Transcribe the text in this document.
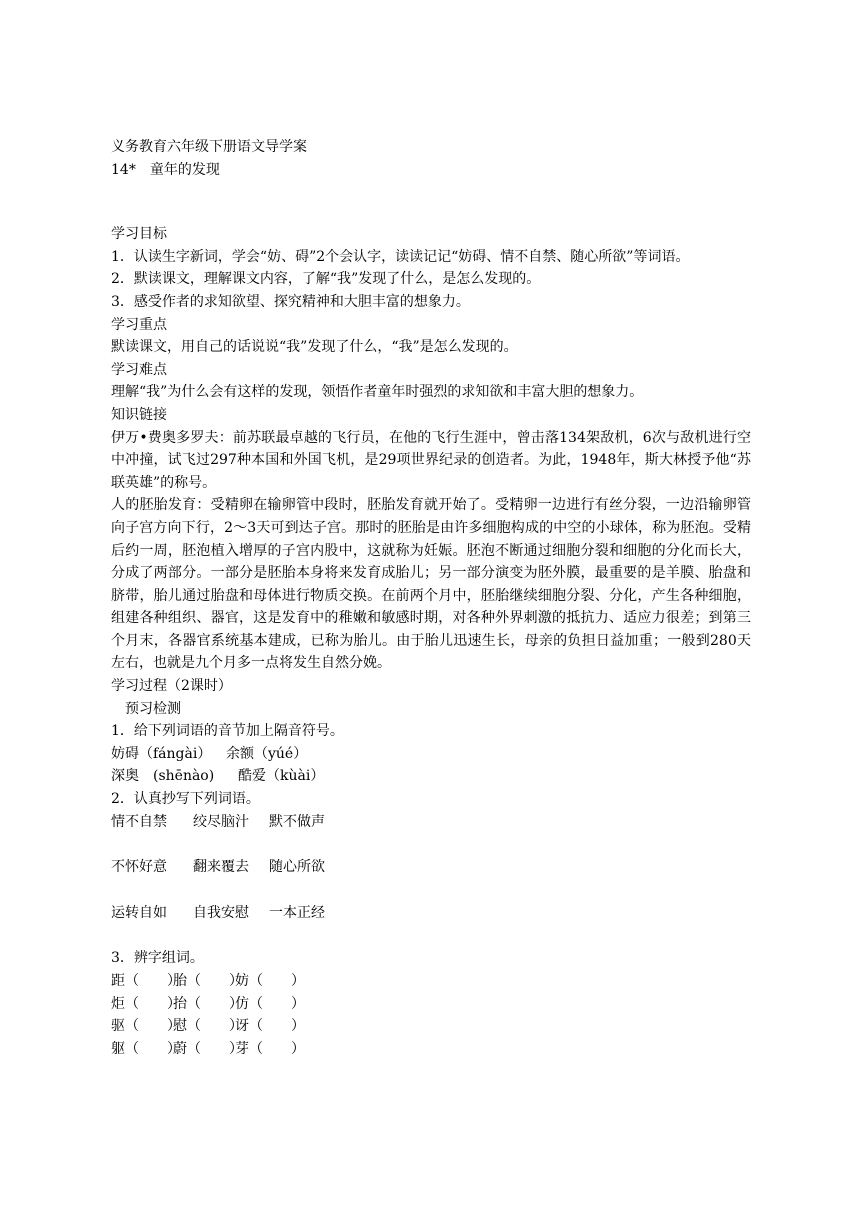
义务教育六年级下册语文导学案
14*　童年的发现
学习目标
1．认读生字新词，学会“妨、碍”2个会认字，读读记记“妨碍、情不自禁、随心所欲”等词语。
2．默读课文，理解课文内容，了解“我”发现了什么，是怎么发现的。
3．感受作者的求知欲望、探究精神和大胆丰富的想象力。
学习重点
默读课文，用自己的话说说“我”发现了什么，“我”是怎么发现的。
学习难点
理解“我”为什么会有这样的发现，领悟作者童年时强烈的求知欲和丰富大胆的想象力。
知识链接
伊万•费奥多罗夫：前苏联最卓越的飞行员，在他的飞行生涯中，曾击落134架敌机，6次与敌机进行空中冲撞，试飞过297种本国和外国飞机，是29项世界纪录的创造者。为此，1948年，斯大林授予他“苏联英雄”的称号。
人的胚胎发育：受精卵在输卵管中段时，胚胎发育就开始了。受精卵一边进行有丝分裂，一边沿输卵管向子宫方向下行，2～3天可到达子宫。那时的胚胎是由许多细胞构成的中空的小球体，称为胚泡。受精后约一周，胚泡植入增厚的子宫内股中，这就称为妊娠。胚泡不断通过细胞分裂和细胞的分化而长大，分成了两部分。一部分是胚胎本身将来发育成胎儿；另一部分演变为胚外膜，最重要的是羊膜、胎盘和脐带，胎儿通过胎盘和母体进行物质交换。在前两个月中，胚胎继续细胞分裂、分化，产生各种细胞，组建各种组织、器官，这是发育中的稚嫩和敏感时期，对各种外界刺激的抵抗力、适应力很差；到第三个月末，各器官系统基本建成，已称为胎儿。由于胎儿迅速生长，母亲的负担日益加重；一般到280天左右，也就是九个月多一点将发生自然分娩。
学习过程（2课时）
预习检测
1．给下列词语的音节加上隔音符号。
妨碍（fángài） 余额（yúé）
深奥　(shēnào) 酷爱（kùài）
2．认真抄写下列词语。
情不自禁 绞尽脑汁 默不做声
不怀好意 翻来覆去 随心所欲
运转自如 自我安慰 一本正经
3．辨字组词。
距（　　）胎（　　）妨（　　）
炬（　　）抬（　　）仿（　　）
驱（　　）慰（　　）讶（　　）
躯（　　）蔚（　　）芽（　　）
